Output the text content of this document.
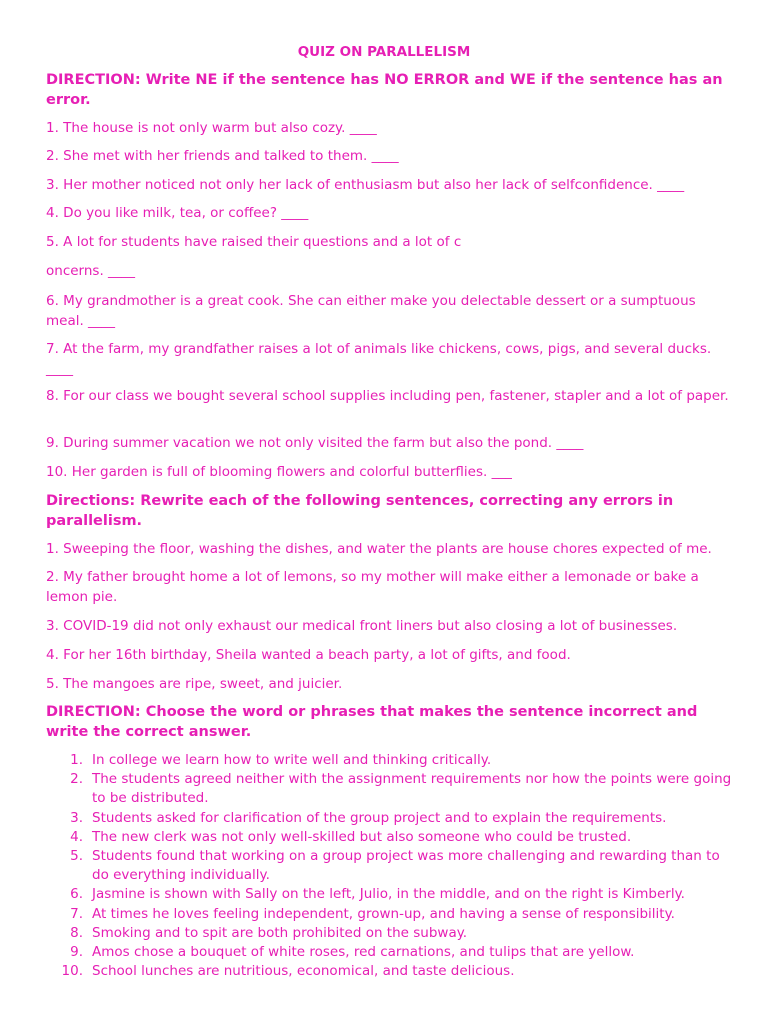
QUIZ ON PARALLELISM
DIRECTION: Write NE if the sentence has NO ERROR and WE if the sentence has an error.
1. The house is not only warm but also cozy. ____
2. She met with her friends and talked to them. ____
3. Her mother noticed not only her lack of enthusiasm but also her lack of selfconfidence. ____
4. Do you like milk, tea, or coffee? ____
5. A lot for students have raised their questions and a lot of c
oncerns. ____
6. My grandmother is a great cook. She can either make you delectable dessert or a sumptuous meal. ____
7. At the farm, my grandfather raises a lot of animals like chickens, cows, pigs, and several ducks. ____
8. For our class we bought several school supplies including pen, fastener, stapler and a lot of paper.
9. During summer vacation we not only visited the farm but also the pond. ____
10. Her garden is full of blooming flowers and colorful butterflies. ___
Directions: Rewrite each of the following sentences, correcting any errors in parallelism.
1. Sweeping the floor, washing the dishes, and water the plants are house chores expected of me.
2. My father brought home a lot of lemons, so my mother will make either a lemonade or bake a lemon pie.
3. COVID-19 did not only exhaust our medical front liners but also closing a lot of businesses.
4. For her 16th birthday, Sheila wanted a beach party, a lot of gifts, and food.
5. The mangoes are ripe, sweet, and juicier.
DIRECTION: Choose the word or phrases that makes the sentence incorrect and write the correct answer.
1. In college we learn how to write well and thinking critically.
2. The students agreed neither with the assignment requirements nor how the points were going to be distributed.
3. Students asked for clarification of the group project and to explain the requirements.
4. The new clerk was not only well-skilled but also someone who could be trusted.
5. Students found that working on a group project was more challenging and rewarding than to do everything individually.
6. Jasmine is shown with Sally on the left, Julio, in the middle, and on the right is Kimberly.
7. At times he loves feeling independent, grown-up, and having a sense of responsibility.
8. Smoking and to spit are both prohibited on the subway.
9. Amos chose a bouquet of white roses, red carnations, and tulips that are yellow.
10. School lunches are nutritious, economical, and taste delicious.
